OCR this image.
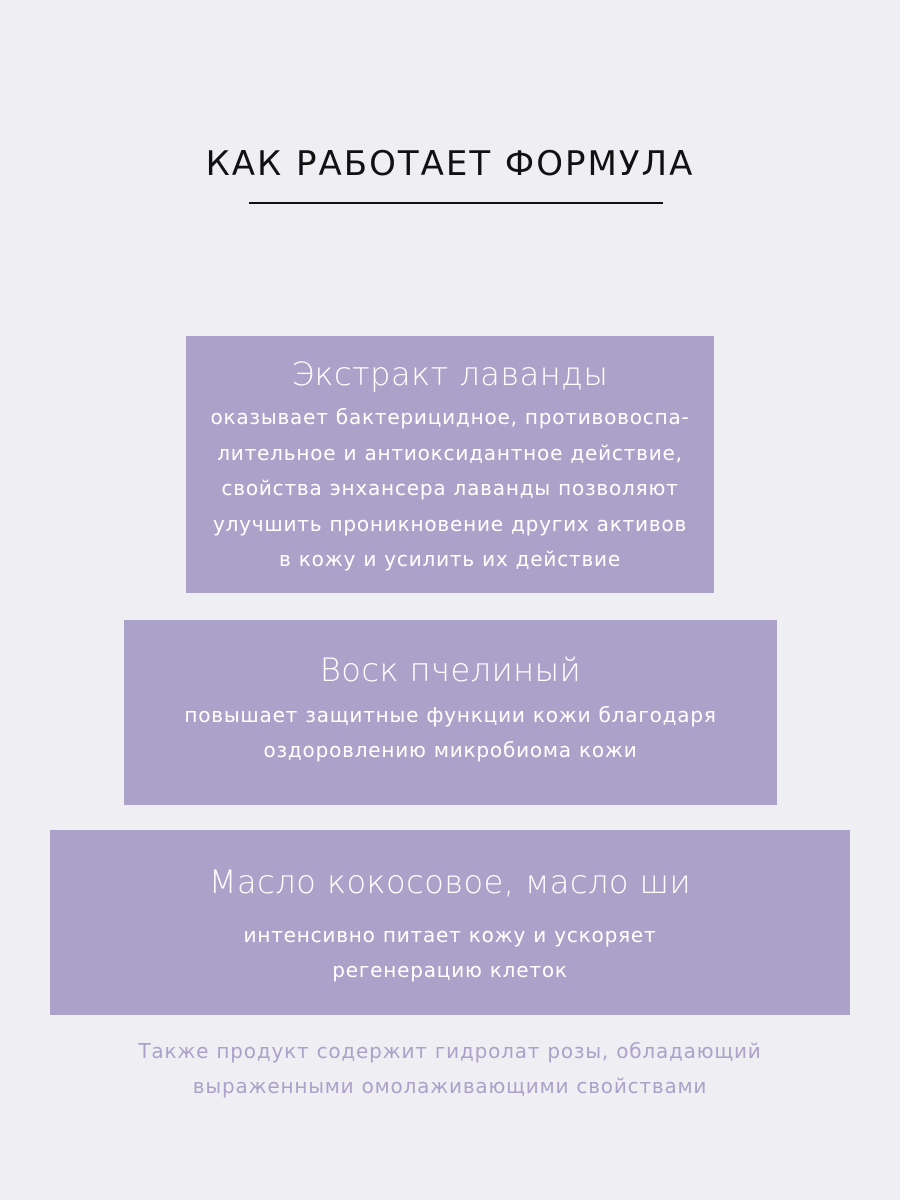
КАК РАБОТАЕТ ФОРМУЛА

Экстракт лаванды

оказывает бактерицидное, противовоспа-
лительное и антиоксидантное действие,
свойства энхансера лаванды позволяют
улучшить проникновение других активов
в кожу и усилить их действие

Воск пчелиный

повышает защитные функции кожи благодаря
оздоровлению микробиома кожи

Масло кокосовое, масло ши

интенсивно питает кожу и ускоряет
регенерацию клеток

Также продукт содержит гидролат розы, обладающий
выраженными омолаживающими свойствами
